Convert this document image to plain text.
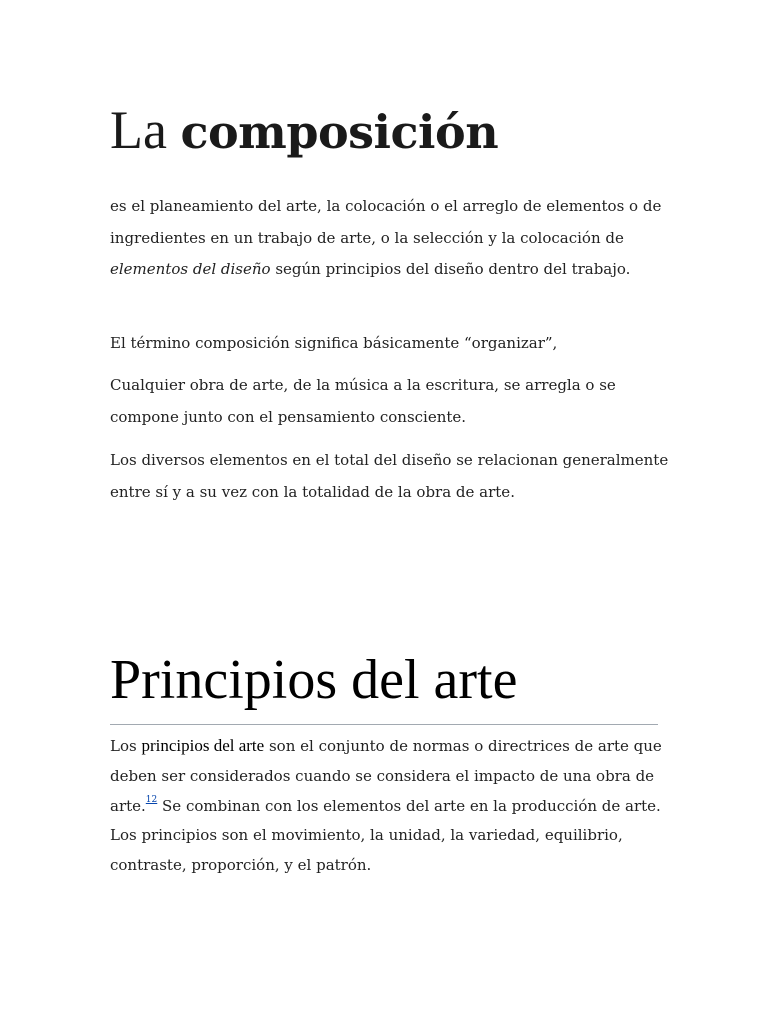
La composición

es el planeamiento del arte, la colocación o el arreglo de elementos o de ingredientes en un trabajo de arte, o la selección y la colocación de elementos del diseño según principios del diseño dentro del trabajo.

El término composición significa básicamente “organizar”,

Cualquier obra de arte, de la música a la escritura, se arregla o se compone junto con el pensamiento consciente.

Los diversos elementos en el total del diseño se relacionan generalmente entre sí y a su vez con la totalidad de la obra de arte.

Principios del arte

Los principios del arte son el conjunto de normas o directrices de arte que deben ser considerados cuando se considera el impacto de una obra de arte.$^{12}$ Se combinan con los elementos del arte en la producción de arte. Los principios son el movimiento, la unidad, la variedad, equilibrio, contraste, proporción, y el patrón.
